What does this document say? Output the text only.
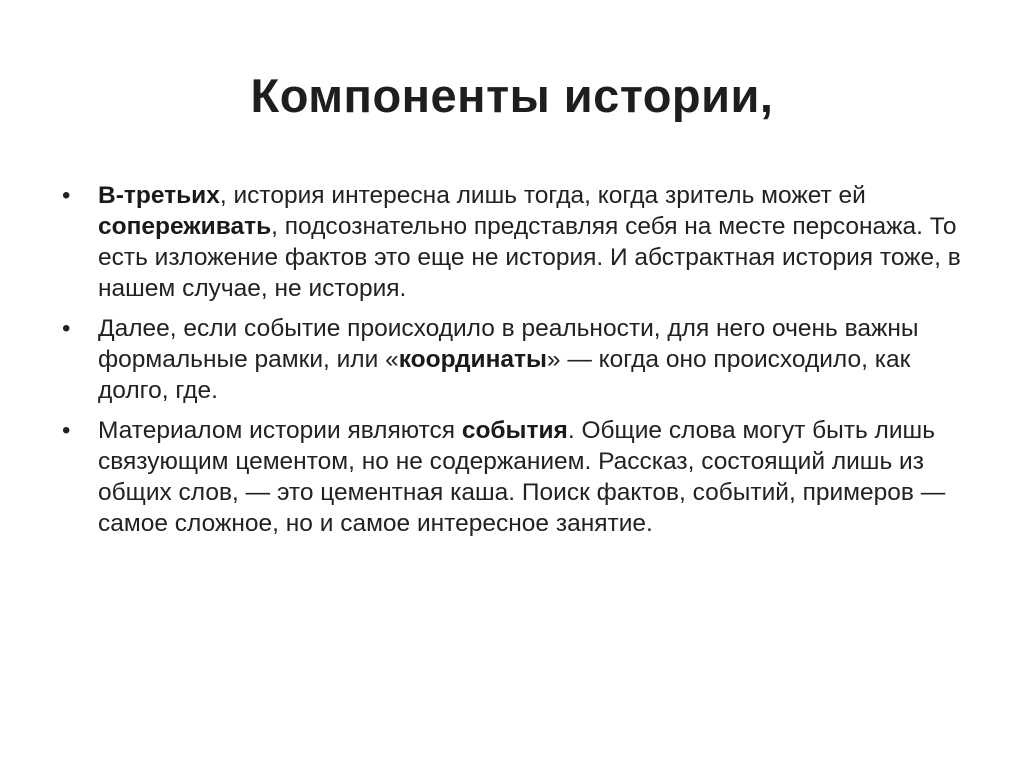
Компоненты истории,
•	В-третьих, история интересна лишь тогда, когда зритель может ей сопереживать, подсознательно представляя себя на месте персонажа. То есть изложение фактов это еще не история. И абстрактная история тоже, в нашем случае, не история.
•	Далее, если событие происходило в реальности, для него очень важны формальные рамки, или «координаты» — когда оно происходило, как долго, где.
•	Материалом истории являются события. Общие слова могут быть лишь связующим цементом, но не содержанием. Рассказ, состоящий лишь из общих слов, — это цементная каша. Поиск фактов, событий, примеров — самое сложное, но и самое интересное занятие.
